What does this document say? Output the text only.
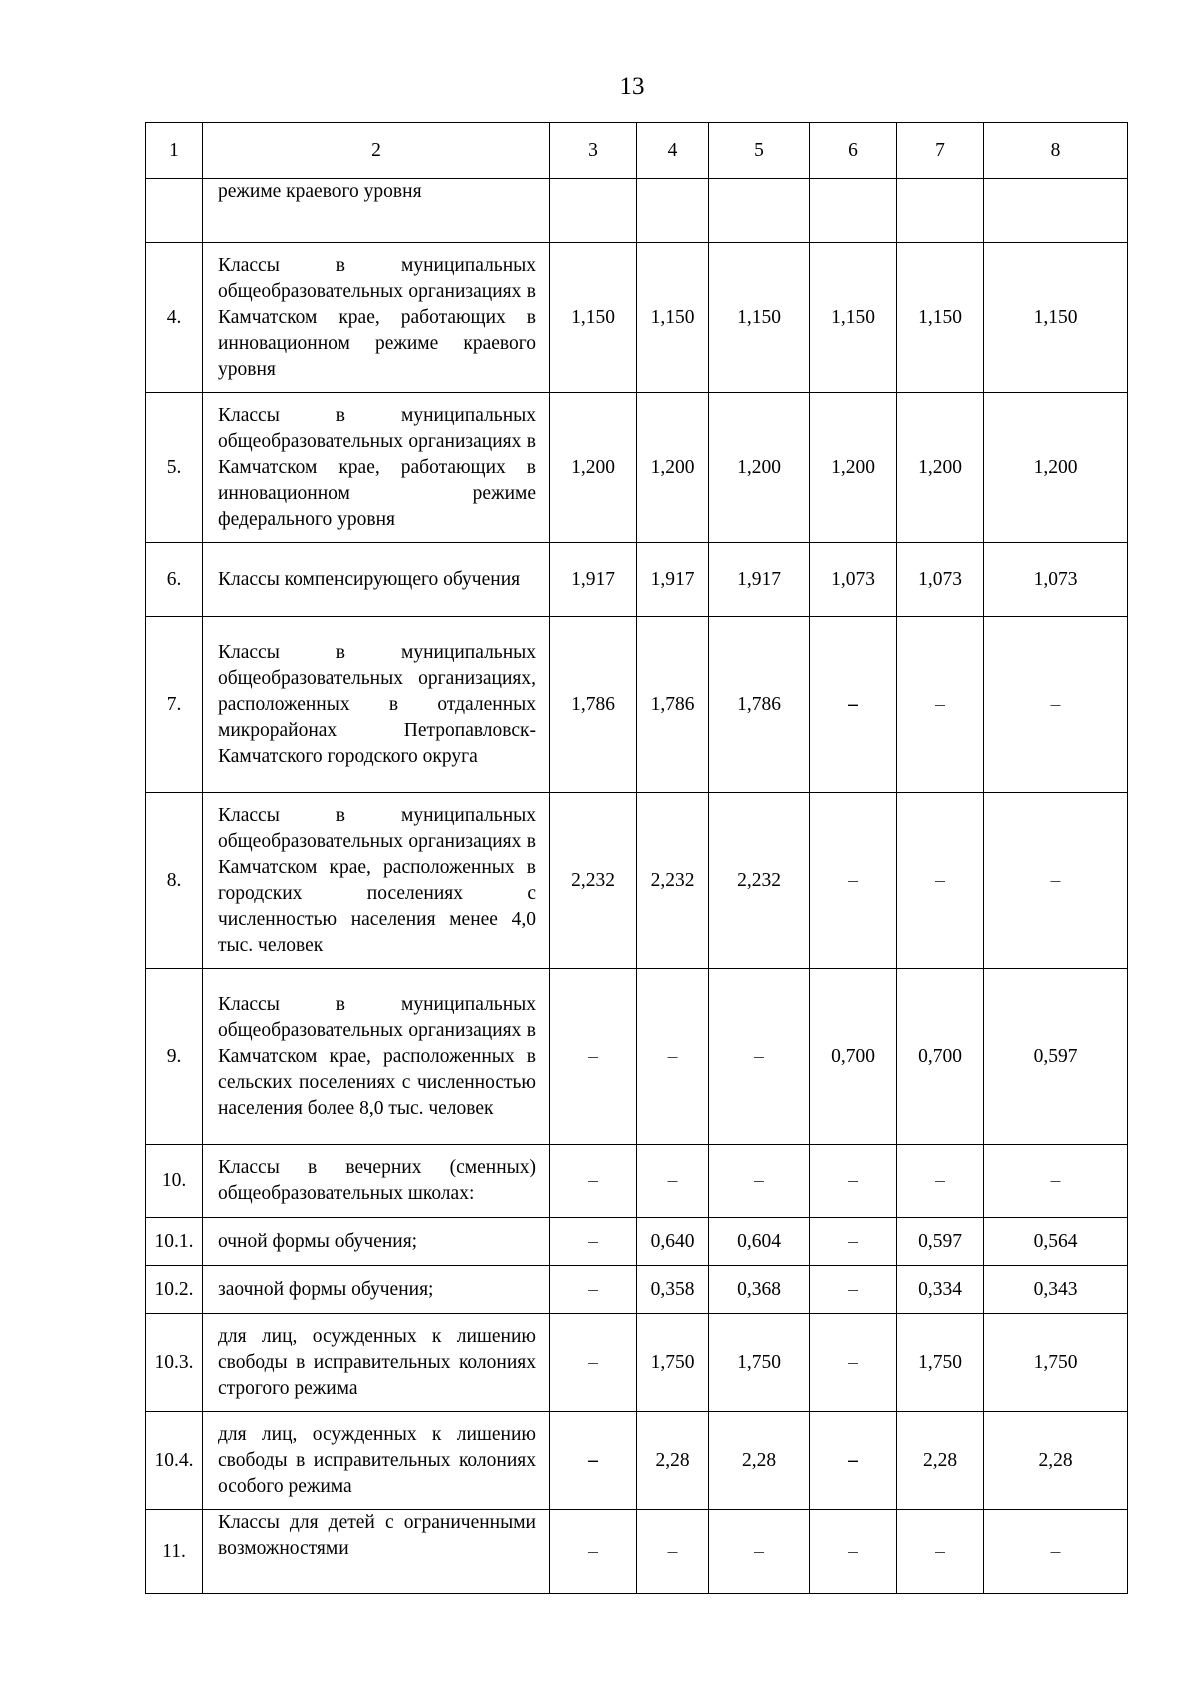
13
1	2	3	4	5	6	7	8
	режиме краевого уровня						
4.	Классы в муниципальных общеобразовательных организациях в Камчатском крае, работающих в инновационном режиме краевого уровня	1,150	1,150	1,150	1,150	1,150	1,150
5.	Классы в муниципальных общеобразовательных организациях в Камчатском крае, работающих в инновационном режиме федерального уровня	1,200	1,200	1,200	1,200	1,200	1,200
6.	Классы компенсирующего обучения	1,917	1,917	1,917	1,073	1,073	1,073
7.	Классы в муниципальных общеобразовательных организациях, расположенных в отдаленных микрорайонах Петропавловск-Камчатского городского округа	1,786	1,786	1,786	–	–	–
8.	Классы в муниципальных общеобразовательных организациях в Камчатском крае, расположенных в городских поселениях с численностью населения менее 4,0 тыс. человек	2,232	2,232	2,232	–	–	–
9.	Классы в муниципальных общеобразовательных организациях в Камчатском крае, расположенных в сельских поселениях с численностью населения более 8,0 тыс. человек	–	–	–	0,700	0,700	0,597
10.	Классы в вечерних (сменных) общеобразовательных школах:	–	–	–	–	–	–
10.1.	очной формы обучения;	–	0,640	0,604	–	0,597	0,564
10.2.	заочной формы обучения;	–	0,358	0,368	–	0,334	0,343
10.3.	для лиц, осужденных к лишению свободы в исправительных колониях строгого режима	–	1,750	1,750	–	1,750	1,750
10.4.	для лиц, осужденных к лишению свободы в исправительных колониях особого режима	–	2,28	2,28	–	2,28	2,28
11.	Классы для детей с ограниченными возможностями	–	–	–	–	–	–
